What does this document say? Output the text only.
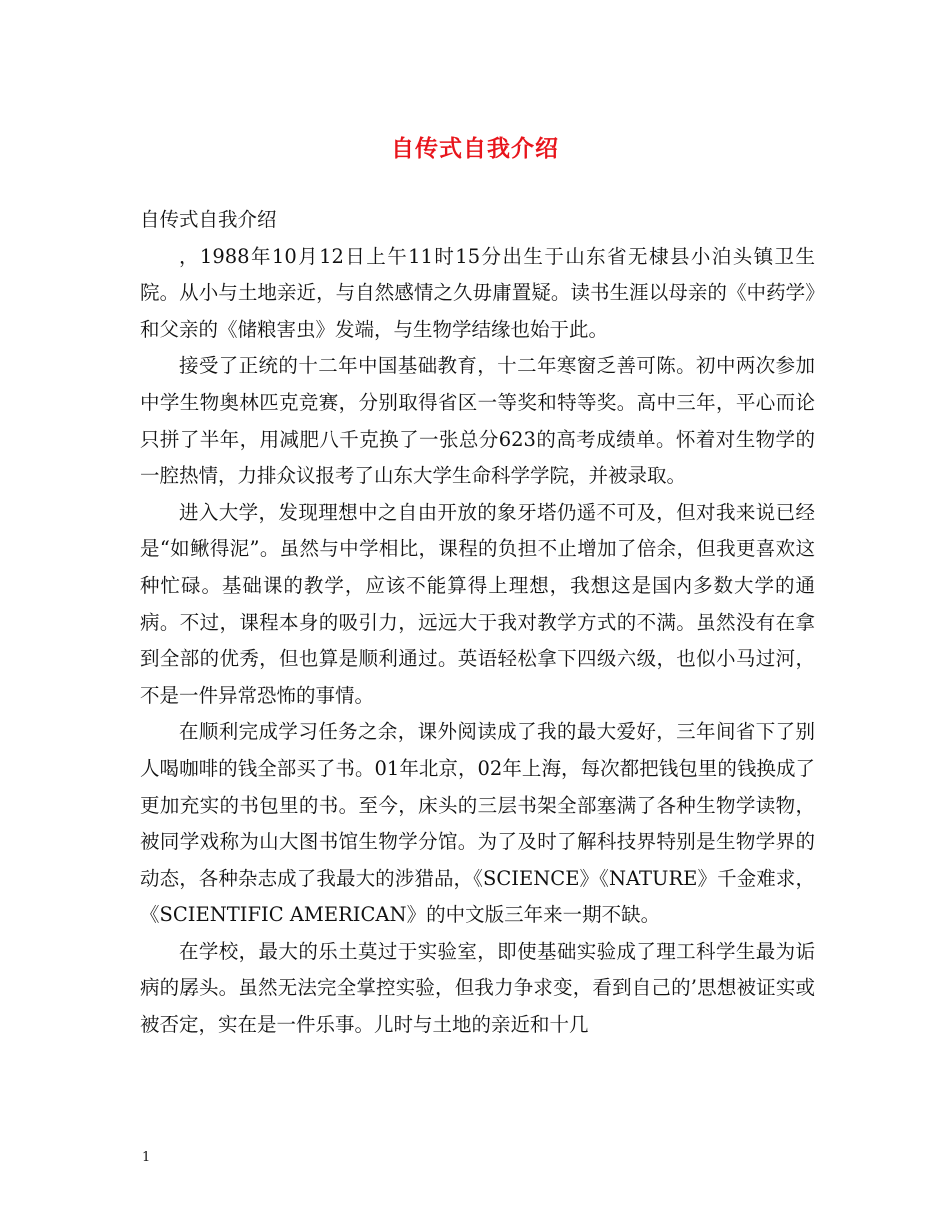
自传式自我介绍

自传式自我介绍

，1988年10月12日上午11时15分出生于山东省无棣县小泊头镇卫生院。从小与土地亲近，与自然感情之久毋庸置疑。读书生涯以母亲的《中药学》和父亲的《储粮害虫》发端，与生物学结缘也始于此。

接受了正统的十二年中国基础教育，十二年寒窗乏善可陈。初中两次参加中学生物奥林匹克竞赛，分别取得省区一等奖和特等奖。高中三年，平心而论只拼了半年，用减肥八千克换了一张总分623的高考成绩单。怀着对生物学的一腔热情，力排众议报考了山东大学生命科学学院，并被录取。

进入大学，发现理想中之自由开放的象牙塔仍遥不可及，但对我来说已经是“如鳅得泥”。虽然与中学相比，课程的负担不止增加了倍余，但我更喜欢这种忙碌。基础课的教学，应该不能算得上理想，我想这是国内多数大学的通病。不过，课程本身的吸引力，远远大于我对教学方式的不满。虽然没有在拿到全部的优秀，但也算是顺利通过。英语轻松拿下四级六级，也似小马过河，不是一件异常恐怖的事情。

在顺利完成学习任务之余，课外阅读成了我的最大爱好，三年间省下了别人喝咖啡的钱全部买了书。01年北京，02年上海，每次都把钱包里的钱换成了更加充实的书包里的书。至今，床头的三层书架全部塞满了各种生物学读物，被同学戏称为山大图书馆生物学分馆。为了及时了解科技界特别是生物学界的动态，各种杂志成了我最大的涉猎品，《SCIENCE》《NATURE》千金难求，《SCIENTIFIC AMERICAN》的中文版三年来一期不缺。

在学校，最大的乐土莫过于实验室，即使基础实验成了理工科学生最为诟病的孱头。虽然无法完全掌控实验，但我力争求变，看到自己的’思想被证实或被否定，实在是一件乐事。儿时与土地的亲近和十几

1
